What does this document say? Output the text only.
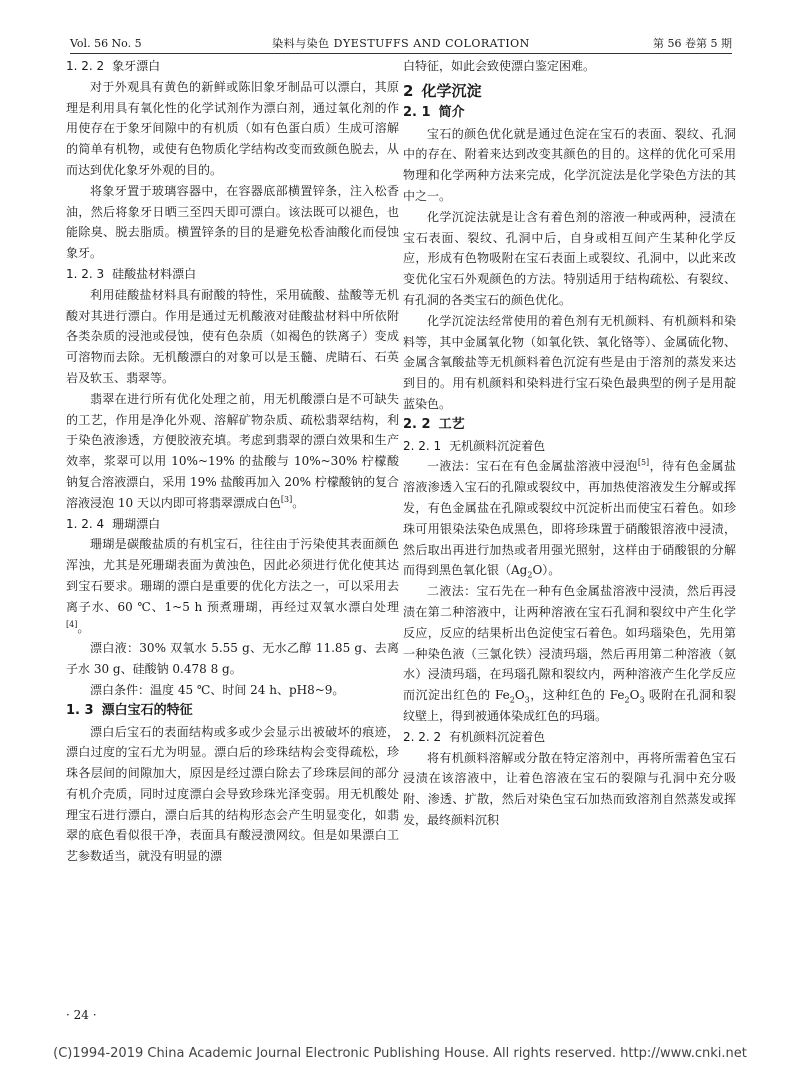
Vol. 56 No. 5	染料与染色 DYESTUFFS AND COLORATION	第 56 卷第 5 期
1. 2. 2 象牙漂白

对于外观具有黄色的新鲜或陈旧象牙制品可以漂白，其原理是利用具有氧化性的化学试剂作为漂白剂，通过氧化剂的作用使存在于象牙间隙中的有机质（如有色蛋白质）生成可溶解的简单有机物，或使有色物质化学结构改变而致颜色脱去，从而达到优化象牙外观的目的。

将象牙置于玻璃容器中，在容器底部横置锌条，注入松香油，然后将象牙日晒三至四天即可漂白。该法既可以褪色，也能除臭、脱去脂质。横置锌条的目的是避免松香油酸化而侵蚀象牙。

1. 2. 3 硅酸盐材料漂白

利用硅酸盐材料具有耐酸的特性，采用硫酸、盐酸等无机酸对其进行漂白。作用是通过无机酸液对硅酸盐材料中所依附各类杂质的浸池或侵蚀，使有色杂质（如褐色的铁离子）变成可溶物而去除。无机酸漂白的对象可以是玉髓、虎睛石、石英岩及软玉、翡翠等。

翡翠在进行所有优化处理之前，用无机酸漂白是不可缺失的工艺，作用是净化外观、溶解矿物杂质、疏松翡翠结构，利于染色液渗透，方便胶液充填。考虑到翡翠的漂白效果和生产效率，浆翠可以用 10%~19% 的盐酸与 10%~30% 柠檬酸钠复合溶液漂白，采用 19% 盐酸再加入 20% 柠檬酸钠的复合溶液浸泡 10 天以内即可将翡翠漂成白色[3]。

1. 2. 4 珊瑚漂白

珊瑚是碳酸盐质的有机宝石，往往由于污染使其表面颜色浑浊，尤其是死珊瑚表面为黄浊色，因此必须进行优化使其达到宝石要求。珊瑚的漂白是重要的优化方法之一，可以采用去离子水、60 ℃、1~5 h 预煮珊瑚，再经过双氧水漂白处理[4]。

漂白液：30% 双氧水 5.55 g、无水乙醇 11.85 g、去离子水 30 g、硅酸钠 0.478 8 g。

漂白条件：温度 45 ℃、时间 24 h、pH8~9。

1. 3 漂白宝石的特征

漂白后宝石的表面结构或多或少会显示出被破坏的痕迹，漂白过度的宝石尤为明显。漂白后的珍珠结构会变得疏松，珍珠各层间的间隙加大，原因是经过漂白除去了珍珠层间的部分有机介壳质，同时过度漂白会导致珍珠光泽变弱。用无机酸处理宝石进行漂白，漂白后其的结构形态会产生明显变化，如翡翠的底色看似很干净，表面具有酸浸溃网纹。但是如果漂白工艺参数适当，就没有明显的漂

白特征，如此会致使漂白鉴定困难。

2 化学沉淀
2. 1 简介

宝石的颜色优化就是通过色淀在宝石的表面、裂纹、孔洞中的存在、附着来达到改变其颜色的目的。这样的优化可采用物理和化学两种方法来完成，化学沉淀法是化学染色方法的其中之一。

化学沉淀法就是让含有着色剂的溶液一种或两种，浸渍在宝石表面、裂纹、孔洞中后，自身或相互间产生某种化学反应，形成有色物吸附在宝石表面上或裂纹、孔洞中，以此来改变优化宝石外观颜色的方法。特别适用于结构疏松、有裂纹、有孔洞的各类宝石的颜色优化。

化学沉淀法经常使用的着色剂有无机颜料、有机颜料和染料等，其中金属氧化物（如氧化铁、氧化铬等）、金属硫化物、金属含氧酸盐等无机颜料着色沉淀有些是由于溶剂的蒸发来达到目的。用有机颜料和染料进行宝石染色最典型的例子是用靛蓝染色。

2. 2 工艺
2. 2. 1 无机颜料沉淀着色

一液法：宝石在有色金属盐溶液中浸泡[5]，待有色金属盐溶液渗透入宝石的孔隙或裂纹中，再加热使溶液发生分解或挥发，有色金属盐在孔隙或裂纹中沉淀析出而使宝石着色。如珍珠可用银染法染色成黑色，即将珍珠置于硝酸银溶液中浸渍，然后取出再进行加热或者用强光照射，这样由于硝酸银的分解而得到黑色氧化银$(Ag_2O)$。

二液法：宝石先在一种有色金属盐溶液中浸渍，然后再浸渍在第二种溶液中，让两种溶液在宝石孔洞和裂纹中产生化学反应，反应的结果析出色淀使宝石着色。如玛瑙染色，先用第一种染色液（三氯化铁）浸渍玛瑙，然后再用第二种溶液（氨水）浸渍玛瑙，在玛瑙孔隙和裂纹内，两种溶液产生化学反应而沉淀出红色的 $Fe_2O_3$，这种红色的 $Fe_2O_3$ 吸附在孔洞和裂纹壁上，得到被通体染成红色的玛瑙。

2. 2. 2 有机颜料沉淀着色

将有机颜料溶解或分散在特定溶剂中，再将所需着色宝石浸渍在该溶液中，让着色溶液在宝石的裂隙与孔洞中充分吸附、渗透、扩散，然后对染色宝石加热而致溶剂自然蒸发或挥发，最终颜料沉积

· 24 ·
(C)1994-2019 China Academic Journal Electronic Publishing House. All rights reserved. http://www.cnki.net
